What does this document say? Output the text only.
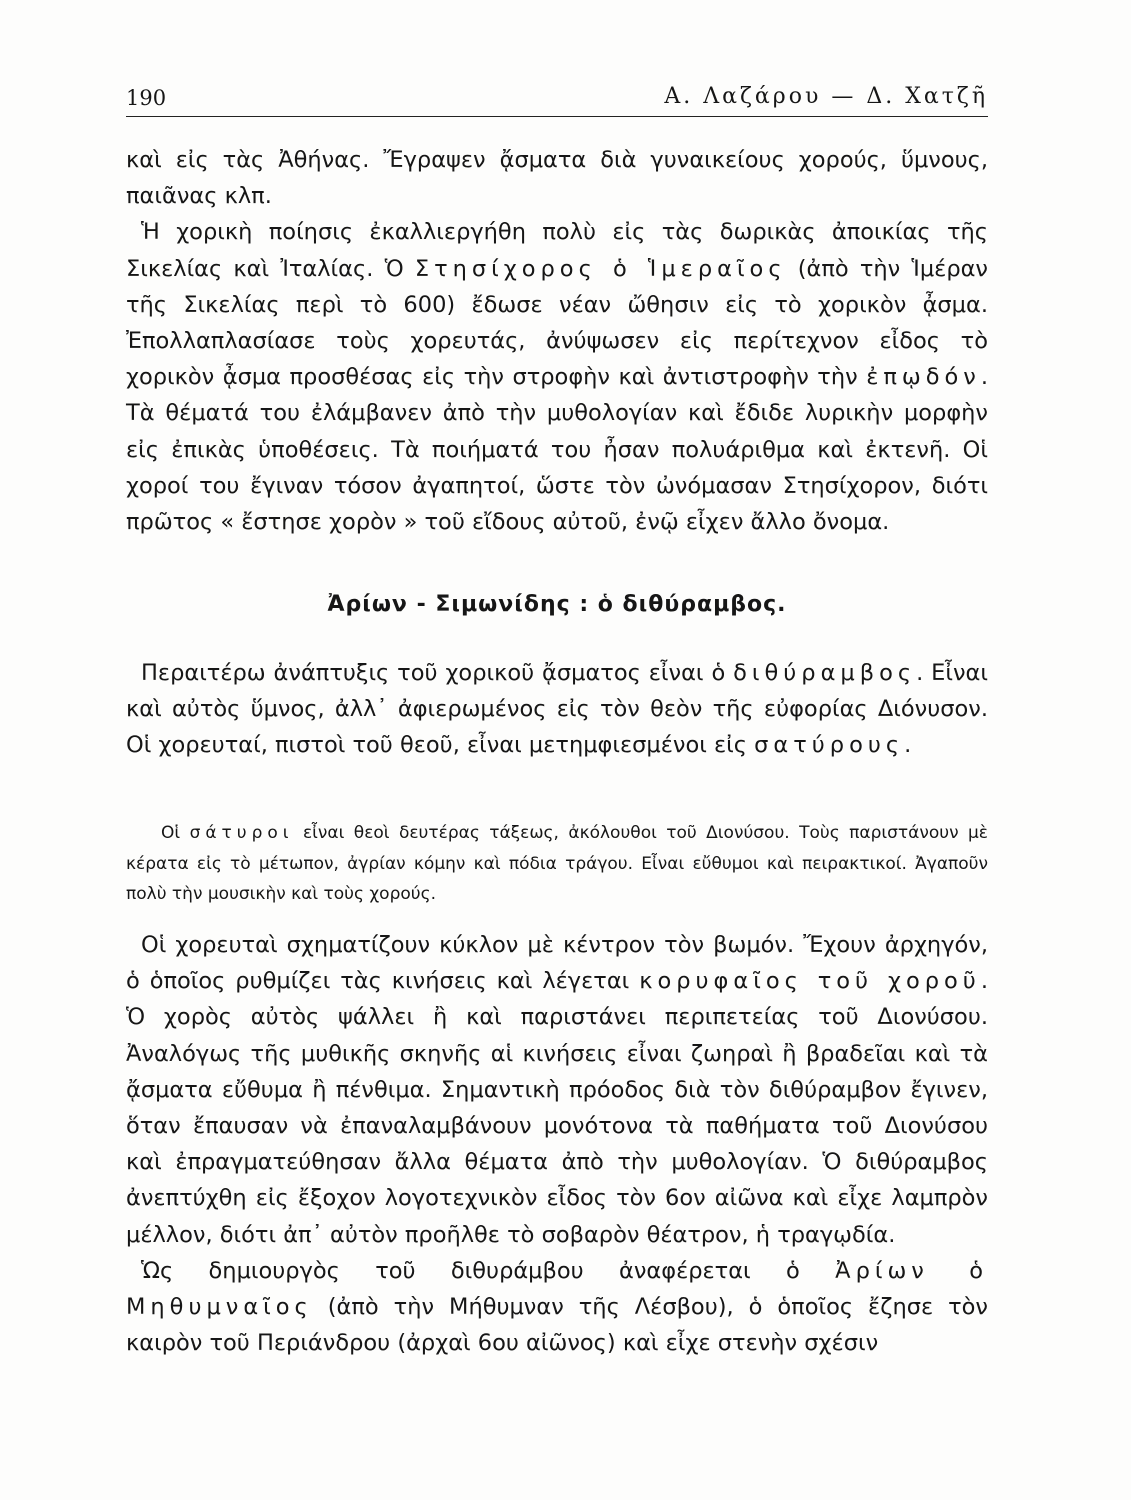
190	Α. Λαζάρου — Δ. Χατζῆ

καὶ εἰς τὰς Ἀθήνας. Ἔγραψεν ᾄσματα διὰ γυναικείους χορούς, ὕμνους, παιᾶνας κλπ.

Ἡ χορικὴ ποίησις ἐκαλλιεργήθη πολὺ εἰς τὰς δωρικὰς ἀποικίας τῆς Σικελίας καὶ Ἰταλίας. Ὁ Στησίχορος ὁ Ἱμεραῖος (ἀπὸ τὴν Ἱμέραν τῆς Σικελίας περὶ τὸ 600) ἔδωσε νέαν ὤθησιν εἰς τὸ χορικὸν ᾆσμα. Ἐπολλαπλασίασε τοὺς χορευτάς, ἀνύψωσεν εἰς περίτεχνον εἶδος τὸ χορικὸν ᾆσμα προσθέσας εἰς τὴν στροφὴν καὶ ἀντιστροφὴν τὴν ἐπῳδόν. Τὰ θέματά του ἐλάμβανεν ἀπὸ τὴν μυθολογίαν καὶ ἔδιδε λυρικὴν μορφὴν εἰς ἐπικὰς ὑποθέσεις. Τὰ ποιήματά του ἦσαν πολυάριθμα καὶ ἐκτενῆ. Οἱ χοροί του ἔγιναν τόσον ἀγαπητοί, ὥστε τὸν ὠνόμασαν Στησίχορον, διότι πρῶτος « ἔστησε χορὸν » τοῦ εἴδους αὐτοῦ, ἐνῷ εἶχεν ἄλλο ὄνομα.

Ἀρίων - Σιμωνίδης : ὁ διθύραμβος.

Περαιτέρω ἀνάπτυξις τοῦ χορικοῦ ᾄσματος εἶναι ὁ διθύραμβος. Εἶναι καὶ αὐτὸς ὕμνος, ἀλλ᾽ ἀφιερωμένος εἰς τὸν θεὸν τῆς εὐφορίας Διόνυσον. Οἱ χορευταί, πιστοὶ τοῦ θεοῦ, εἶναι μετημφιεσμένοι εἰς σατύρους.

Οἱ σάτυροι εἶναι θεοὶ δευτέρας τάξεως, ἀκόλουθοι τοῦ Διονύσου. Τοὺς παριστάνουν μὲ κέρατα εἰς τὸ μέτωπον, ἀγρίαν κόμην καὶ πόδια τράγου. Εἶναι εὔθυμοι καὶ πειρακτικοί. Ἀγαποῦν πολὺ τὴν μουσικὴν καὶ τοὺς χορούς.

Οἱ χορευταὶ σχηματίζουν κύκλον μὲ κέντρον τὸν βωμόν. Ἔχουν ἀρχηγόν, ὁ ὁποῖος ρυθμίζει τὰς κινήσεις καὶ λέγεται κορυφαῖος τοῦ χοροῦ. Ὁ χορὸς αὐτὸς ψάλλει ἢ καὶ παριστάνει περιπετείας τοῦ Διονύσου. Ἀναλόγως τῆς μυθικῆς σκηνῆς αἱ κινήσεις εἶναι ζωηραὶ ἢ βραδεῖαι καὶ τὰ ᾄσματα εὔθυμα ἢ πένθιμα. Σημαντικὴ πρόοδος διὰ τὸν διθύραμβον ἔγινεν, ὅταν ἔπαυσαν νὰ ἐπαναλαμβάνουν μονότονα τὰ παθήματα τοῦ Διονύσου καὶ ἐπραγματεύθησαν ἄλλα θέματα ἀπὸ τὴν μυθολογίαν. Ὁ διθύραμβος ἀνεπτύχθη εἰς ἔξοχον λογοτεχνικὸν εἶδος τὸν 6ον αἰῶνα καὶ εἶχε λαμπρὸν μέλλον, διότι ἀπ᾽ αὐτὸν προῆλθε τὸ σοβαρὸν θέατρον, ἡ τραγῳδία.

Ὡς δημιουργὸς τοῦ διθυράμβου ἀναφέρεται ὁ Ἀρίων ὁ Μηθυμναῖος (ἀπὸ τὴν Μήθυμναν τῆς Λέσβου), ὁ ὁποῖος ἔζησε τὸν καιρὸν τοῦ Περιάνδρου (ἀρχαὶ 6ου αἰῶνος) καὶ εἶχε στενὴν σχέσιν
